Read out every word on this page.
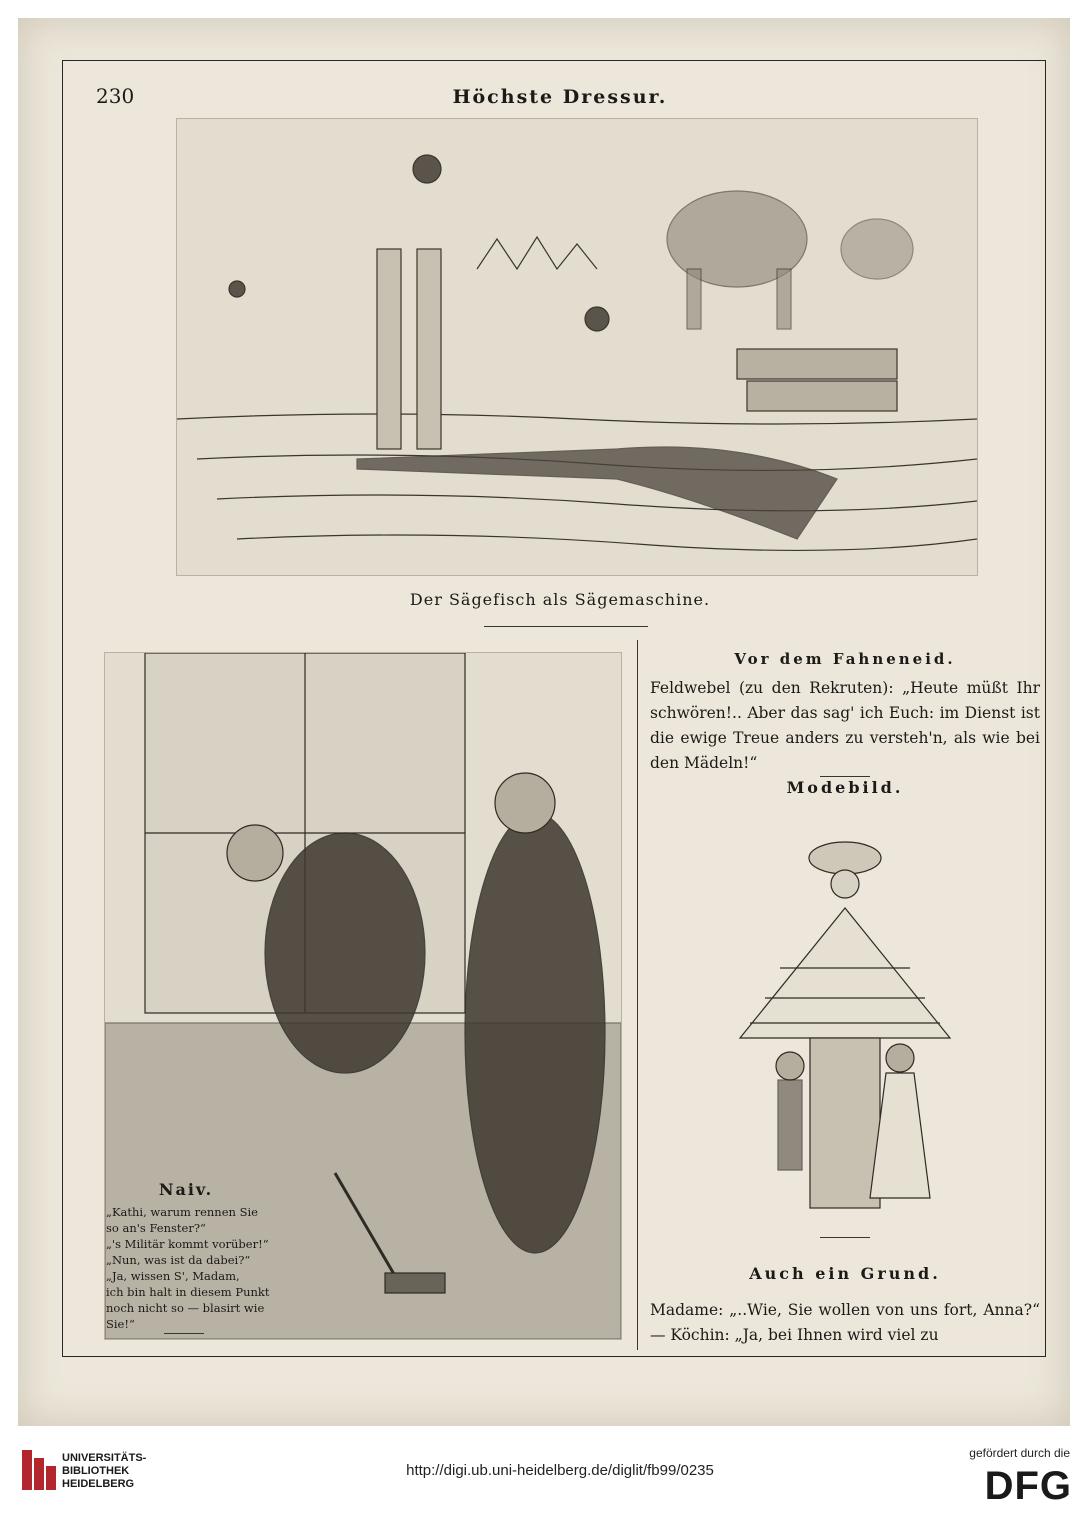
230	Höchste Dressur.
Der Sägefisch als Sägemaschine.
Naiv.
„Kathi, warum rennen Sie
so an's Fenster?“
„'s Militär kommt vorüber!“
„Nun, was ist da dabei?“
„Ja, wissen S', Madam,
ich bin halt in diesem Punkt
noch nicht so — blasirt wie
Sie!“
Vor dem Fahneneid.
Feldwebel (zu den Rekruten): „Heute müßt Ihr schwören!.. Aber das sag' ich Euch: im Dienst ist die ewige Treue anders zu versteh'n, als wie bei den Mädeln!“
Modebild.
Auch ein Grund.
Madame: „..Wie, Sie wollen von uns fort, Anna?“ — Köchin: „Ja, bei Ihnen wird viel zu
UNIVERSITÄTS-
BIBLIOTHEK
HEIDELBERG
http://digi.ub.uni-heidelberg.de/diglit/fb99/0235
gefördert durch die
DFG
